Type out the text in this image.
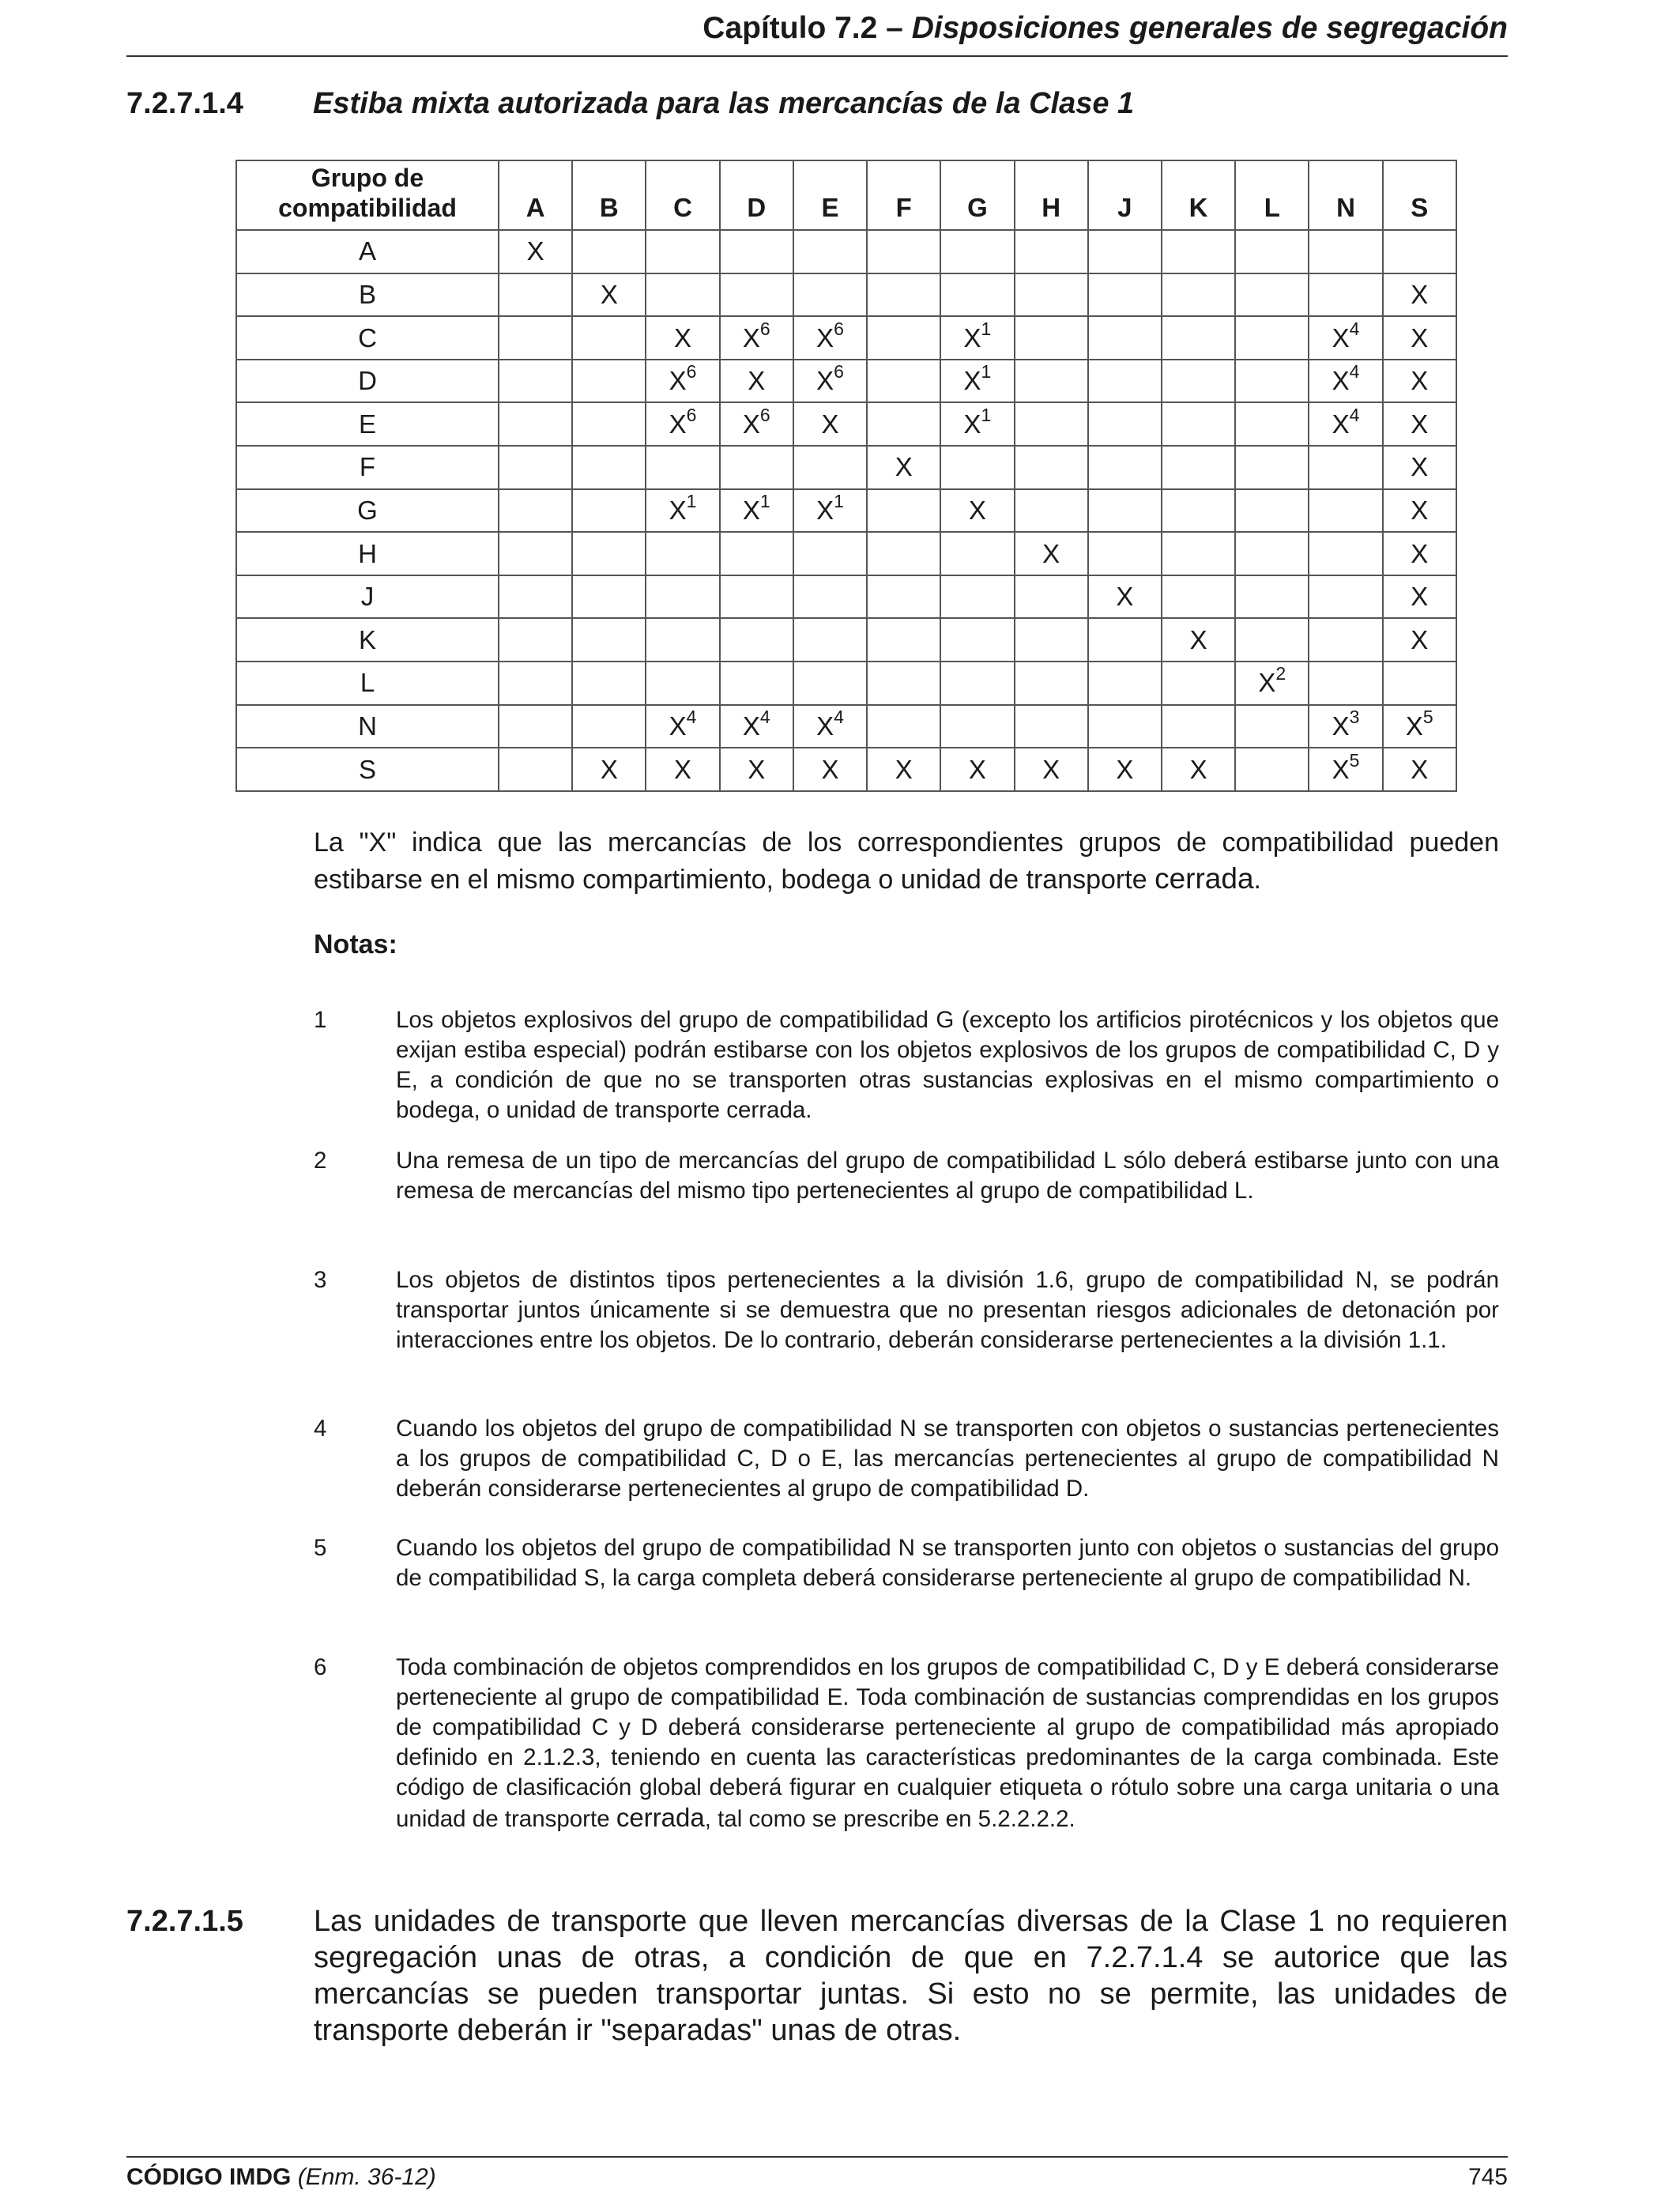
Capítulo 7.2 – Disposiciones generales de segregación
7.2.7.1.4 Estiba mixta autorizada para las mercancías de la Clase 1
Grupo de
compatibilidad	A	B	C	D	E	F	G	H	J	K	L	N	S
A	X												
B		X											X
C			X	$X^6$	$X^6$		$X^1$					$X^4$	X
D			$X^6$	X	$X^6$		$X^1$					$X^4$	X
E			$X^6$	$X^6$	X		$X^1$					$X^4$	X
F						X							X
G			$X^1$	$X^1$	$X^1$		X						X
H								X					X
J									X				X
K										X			X
L											$X^2$		
N			$X^4$	$X^4$	$X^4$							$X^3$	$X^5$
S		X	X	X	X	X	X	X	X	X		$X^5$	X
La "X" indica que las mercancías de los correspondientes grupos de compatibilidad pueden estibarse en el mismo compartimiento, bodega o unidad de transporte cerrada.
Notas:
1	Los objetos explosivos del grupo de compatibilidad G (excepto los artificios pirotécnicos y los objetos que exijan estiba especial) podrán estibarse con los objetos explosivos de los grupos de compatibilidad C, D y E, a condición de que no se transporten otras sustancias explosivas en el mismo compartimiento o bodega, o unidad de transporte cerrada.
2	Una remesa de un tipo de mercancías del grupo de compatibilidad L sólo deberá estibarse junto con una remesa de mercancías del mismo tipo pertenecientes al grupo de compatibilidad L.
3	Los objetos de distintos tipos pertenecientes a la división 1.6, grupo de compatibilidad N, se podrán transportar juntos únicamente si se demuestra que no presentan riesgos adicionales de detonación por interacciones entre los objetos. De lo contrario, deberán considerarse pertenecientes a la división 1.1.
4	Cuando los objetos del grupo de compatibilidad N se transporten con objetos o sustancias pertenecientes a los grupos de compatibilidad C, D o E, las mercancías pertenecientes al grupo de compatibilidad N deberán considerarse pertenecientes al grupo de compatibilidad D.
5	Cuando los objetos del grupo de compatibilidad N se transporten junto con objetos o sustancias del grupo de compatibilidad S, la carga completa deberá considerarse perteneciente al grupo de compatibilidad N.
6	Toda combinación de objetos comprendidos en los grupos de compatibilidad C, D y E deberá considerarse perteneciente al grupo de compatibilidad E. Toda combinación de sustancias comprendidas en los grupos de compatibilidad C y D deberá considerarse perteneciente al grupo de compatibilidad más apropiado definido en 2.1.2.3, teniendo en cuenta las características predominantes de la carga combinada. Este código de clasificación global deberá figurar en cualquier etiqueta o rótulo sobre una carga unitaria o una unidad de transporte cerrada, tal como se prescribe en 5.2.2.2.2.
7.2.7.1.5 Las unidades de transporte que lleven mercancías diversas de la Clase 1 no requieren segregación unas de otras, a condición de que en 7.2.7.1.4 se autorice que las mercancías se pueden transportar juntas. Si esto no se permite, las unidades de transporte deberán ir "separadas" unas de otras.
CÓDIGO IMDG (Enm. 36-12)	745
